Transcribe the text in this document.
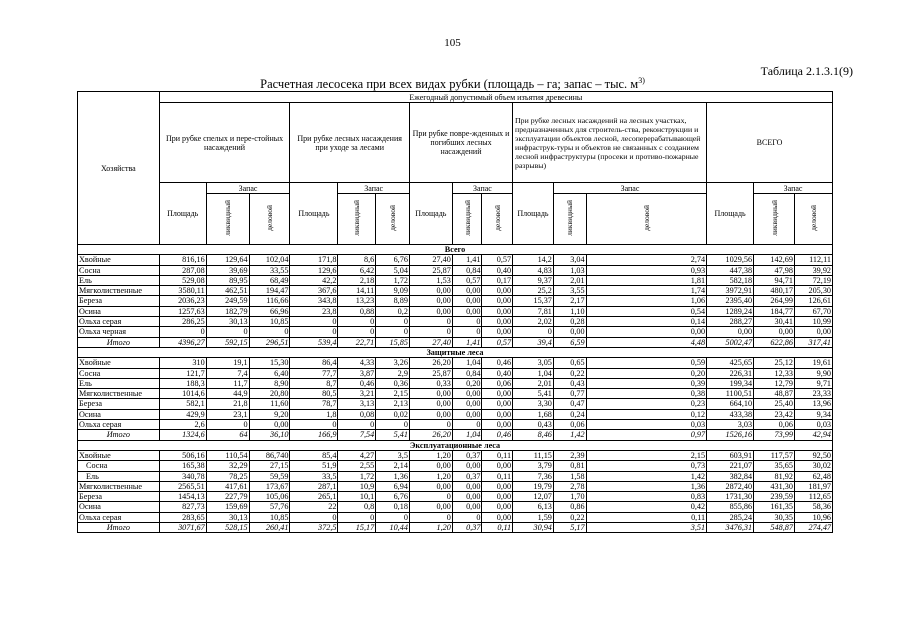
105
Таблица 2.1.3.1(9)
Расчетная лесосека при всех видах рубки (площадь – га; запас – тыс. $м^{3)}$
Хозяйства	Ежегодный допустимый объем изъятия древесины														
	При рубке спелых и пере-стойных насаждений			При рубке лесных насаждения при уходе за лесами			При рубке повре-жденных и погибших лесных насаждений			При рубке лесных насаждений на лесных участках, предназначенных для строитель-ства, реконструкции и эксплуатации объектов лесной, лесоперерабатывающей инфраструк-туры и объектов не связанных с созданием лесной инфраструктуры (просеки и противо-пожарные разрывы)			ВСЕГО		
	Площадь	Запас		Площадь	Запас		Площадь	Запас		Площадь	Запас		Площадь	Запас	
		ликвидный	деловой		ликвидный	деловой		ликвидный	деловой		ликвидный	деловой		ликвидный	деловой
Всего															
Хвойные	816,16	129,64	102,04	171,8	8,6	6,76	27,40	1,41	0,57	14,2	3,04	2,74	1029,56	142,69	112,11
Сосна	287,08	39,69	33,55	129,6	6,42	5,04	25,87	0,84	0,40	4,83	1,03	0,93	447,38	47,98	39,92
Ель	529,08	89,95	68,49	42,2	2,18	1,72	1,53	0,57	0,17	9,37	2,01	1,81	582,18	94,71	72,19
Мягколиственные	3580,11	462,51	194,47	367,6	14,11	9,09	0,00	0,00	0,00	25,2	3,55	1,74	3972,91	480,17	205,30
Береза	2036,23	249,59	116,66	343,8	13,23	8,89	0,00	0,00	0,00	15,37	2,17	1,06	2395,40	264,99	126,61
Осина	1257,63	182,79	66,96	23,8	0,88	0,2	0,00	0,00	0,00	7,81	1,10	0,54	1289,24	184,77	67,70
Ольха серая	286,25	30,13	10,85	0	0	0	0	0	0,00	2,02	0,28	0,14	288,27	30,41	10,99
Ольха черная	0	0	0	0	0	0	0	0	0,00	0	0,00	0,00	0,00	0,00	0,00
Итого	4396,27	592,15	296,51	539,4	22,71	15,85	27,40	1,41	0,57	39,4	6,59	4,48	5002,47	622,86	317,41
Защитные леса															
Хвойные	310	19,1	15,30	86,4	4,33	3,26	26,20	1,04	0,46	3,05	0,65	0,59	425,65	25,12	19,61
Сосна	121,7	7,4	6,40	77,7	3,87	2,9	25,87	0,84	0,40	1,04	0,22	0,20	226,31	12,33	9,90
Ель	188,3	11,7	8,90	8,7	0,46	0,36	0,33	0,20	0,06	2,01	0,43	0,39	199,34	12,79	9,71
Мягколиственные	1014,6	44,9	20,80	80,5	3,21	2,15	0,00	0,00	0,00	5,41	0,77	0,38	1100,51	48,87	23,33
Береза	582,1	21,8	11,60	78,7	3,13	2,13	0,00	0,00	0,00	3,30	0,47	0,23	664,10	25,40	13,96
Осина	429,9	23,1	9,20	1,8	0,08	0,02	0,00	0,00	0,00	1,68	0,24	0,12	433,38	23,42	9,34
Ольха серая	2,6	0	0,00	0	0	0	0	0	0,00	0,43	0,06	0,03	3,03	0,06	0,03
Итого	1324,6	64	36,10	166,9	7,54	5,41	26,20	1,04	0,46	8,46	1,42	0,97	1526,16	73,99	42,94
Эксплуатационные леса															
Хвойные	506,16	110,54	86,740	85,4	4,27	3,5	1,20	0,37	0,11	11,15	2,39	2,15	603,91	117,57	92,50
Сосна	165,38	32,29	27,15	51,9	2,55	2,14	0,00	0,00	0,00	3,79	0,81	0,73	221,07	35,65	30,02
Ель	340,78	78,25	59,59	33,5	1,72	1,36	1,20	0,37	0,11	7,36	1,58	1,42	382,84	81,92	62,48
Мягколиственные	2565,51	417,61	173,67	287,1	10,9	6,94	0,00	0,00	0,00	19,79	2,78	1,36	2872,40	431,30	181,97
Береза	1454,13	227,79	105,06	265,1	10,1	6,76	0	0,00	0,00	12,07	1,70	0,83	1731,30	239,59	112,65
Осина	827,73	159,69	57,76	22	0,8	0,18	0,00	0,00	0,00	6,13	0,86	0,42	855,86	161,35	58,36
Ольха серая	283,65	30,13	10,85	0	0	0	0	0	0,00	1,59	0,22	0,11	285,24	30,35	10,96
Итого	3071,67	528,15	260,41	372,5	15,17	10,44	1,20	0,37	0,11	30,94	5,17	3,51	3476,31	548,87	274,47
